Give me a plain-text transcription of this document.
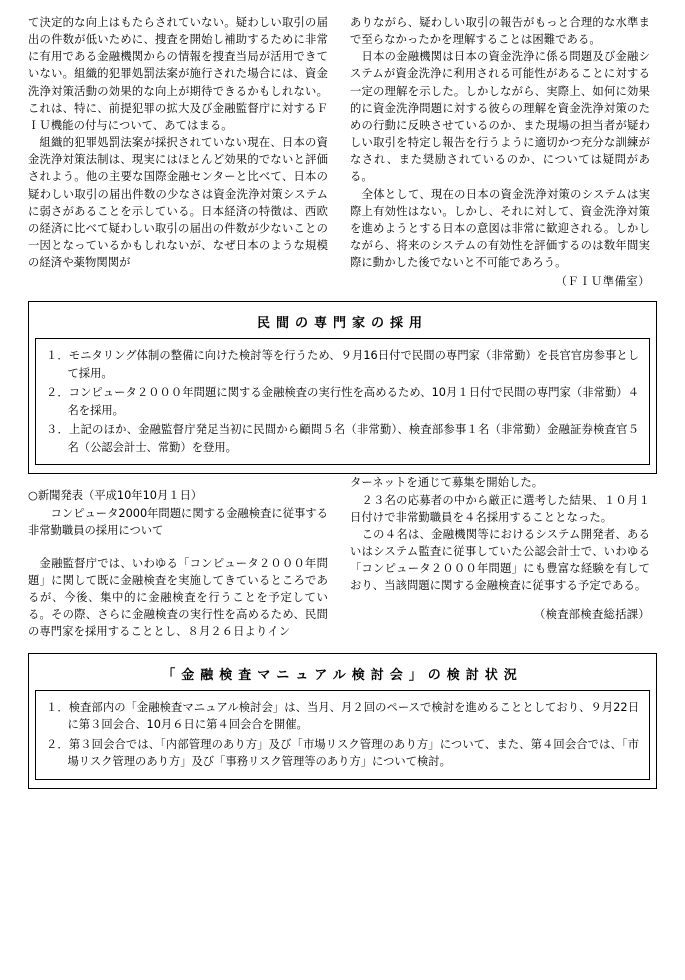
て決定的な向上はもたらされていない。疑わしい取引の届出の件数が低いために、捜査を開始し補助するために非常に有用である金融機関からの情報を捜査当局が活用できていない。組織的犯罪処罰法案が施行された場合には、資金洗浄対策活動の効果的な向上が期待できるかもしれない。これは、特に、前提犯罪の拡大及び金融監督庁に対するＦＩＵ機能の付与について、あてはまる。

　組織的犯罪処罰法案が採択されていない現在、日本の資金洗浄対策法制は、現実にはほとんど効果的でないと評価されよう。他の主要な国際金融センターと比べて、日本の疑わしい取引の届出件数の少なさは資金洗浄対策システムに弱さがあることを示している。日本経済の特徴は、西欧の経済に比べて疑わしい取引の届出の件数が少ないことの一因となっているかもしれないが、なぜ日本のような規模の経済や薬物関関が

ありながら、疑わしい取引の報告がもっと合理的な水準まで至らなかったかを理解することは困難である。

　日本の金融機関は日本の資金洗浄に係る問題及び金融システムが資金洗浄に利用される可能性があることに対する一定の理解を示した。しかしながら、実際上、如何に効果的に資金洗浄問題に対する彼らの理解を資金洗浄対策のための行動に反映させているのか、また現場の担当者が疑わしい取引を特定し報告を行うように適切かつ充分な訓練がなされ、また奨励されているのか、については疑問がある。

　全体として、現在の日本の資金洗浄対策のシステムは実際上有効性はない。しかし、それに対して、資金洗浄対策を進めようとする日本の意図は非常に歓迎される。しかしながら、将来のシステムの有効性を評価するのは数年間実際に動かした後でないと不可能であろう。

（ＦＩＵ準備室）
民間の専門家の採用
１．モニタリング体制の整備に向けた検討等を行うため、９月16日付で民間の専門家（非常勤）を長官官房参事として採用。
２．コンピュータ２０００年問題に関する金融検査の実行性を高めるため、10月１日付で民間の専門家（非常勤）４名を採用。
３．上記のほか、金融監督庁発足当初に民間から顧問５名（非常勤）、検査部参事１名（非常勤）金融証券検査官５名（公認会計士、常勤）を登用。
○新聞発表（平成10年10月１日）
　コンピュータ2000年問題に関する金融検査に従事する非常勤職員の採用について

　金融監督庁では、いわゆる「コンピュータ２０００年問題」に関して既に金融検査を実施してきているところであるが、今後、集中的に金融検査を行うことを予定している。その際、さらに金融検査の実行性を高めるため、民間の専門家を採用することとし、８月２６日よりイン

ターネットを通じて募集を開始した。

　２３名の応募者の中から厳正に選考した結果、１０月１日付けで非常勤職員を４名採用することとなった。

　この４名は、金融機関等におけるシステム開発者、あるいはシステム監査に従事していた公認会計士で、いわゆる「コンピュータ２０００年問題」にも豊富な経験を有しており、当該問題に関する金融検査に従事する予定である。

（検査部検査総括課）
「金融検査マニュアル検討会」の検討状況
１．検査部内の「金融検査マニュアル検討会」は、当月、月２回のペースで検討を進めることとしており、９月22日に第３回会合、10月６日に第４回会合を開催。
２．第３回会合では、「内部管理のあり方」及び「市場リスク管理のあり方」について、また、第４回会合では、「市場リスク管理のあり方」及び「事務リスク管理等のあり方」について検討。
